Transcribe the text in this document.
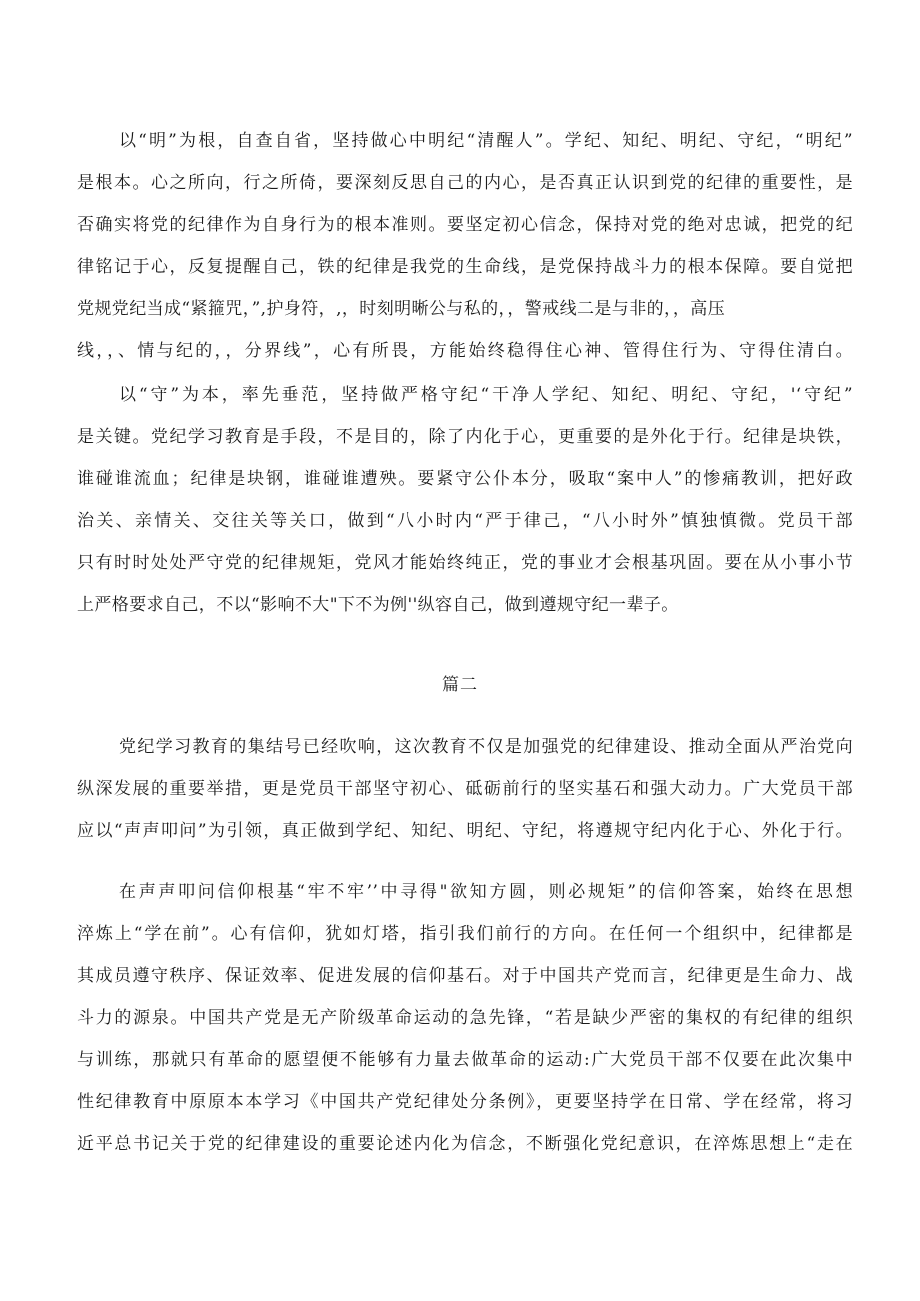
以“明”为根，自查自省，坚持做心中明纪“清醒人”。学纪、知纪、明纪、守纪，“明纪”
是根本。心之所向，行之所倚，要深刻反思自己的内心，是否真正认识到党的纪律的重要性，是
否确实将党的纪律作为自身行为的根本准则。要坚定初心信念，保持对党的绝对忠诚，把党的纪
律铭记于心，反复提醒自己，铁的纪律是我党的生命线，是党保持战斗力的根本保障。要自觉把
党规党纪当成“紧箍咒，”,护身符，,，时刻明晰公与私的，，警戒线二是与非的，，高压
线，，、情与纪的，，分界线”，心有所畏，方能始终稳得住心神、管得住行为、守得住清白。
以“守”为本，率先垂范，坚持做严格守纪“干净人学纪、知纪、明纪、守纪，'‘守纪”
是关键。党纪学习教育是手段，不是目的，除了内化于心，更重要的是外化于行。纪律是块铁，
谁碰谁流血；纪律是块钢，谁碰谁遭殃。要紧守公仆本分，吸取“案中人”的惨痛教训，把好政
治关、亲情关、交往关等关口，做到“八小时内“严于律己，“八小时外”慎独慎微。党员干部
只有时时处处严守党的纪律规矩，党风才能始终纯正，党的事业才会根基巩固。要在从小事小节
上严格要求自己，不以“影响不大"下不为例''纵容自己，做到遵规守纪一辈子。
篇二
党纪学习教育的集结号已经吹响，这次教育不仅是加强党的纪律建设、推动全面从严治党向
纵深发展的重要举措，更是党员干部坚守初心、砥砺前行的坚实基石和强大动力。广大党员干部
应以“声声叩问”为引领，真正做到学纪、知纪、明纪、守纪，将遵规守纪内化于心、外化于行。
在声声叩问信仰根基“牢不牢’’中寻得"欲知方圆，则必规矩”的信仰答案，始终在思想
淬炼上“学在前”。心有信仰，犹如灯塔，指引我们前行的方向。在任何一个组织中，纪律都是
其成员遵守秩序、保证效率、促进发展的信仰基石。对于中国共产党而言，纪律更是生命力、战
斗力的源泉。中国共产党是无产阶级革命运动的急先锋，“若是缺少严密的集权的有纪律的组织
与训练，那就只有革命的愿望便不能够有力量去做革命的运动:广大党员干部不仅要在此次集中
性纪律教育中原原本本学习《中国共产党纪律处分条例》，更要坚持学在日常、学在经常，将习
近平总书记关于党的纪律建设的重要论述内化为信念，不断强化党纪意识，在淬炼思想上“走在
